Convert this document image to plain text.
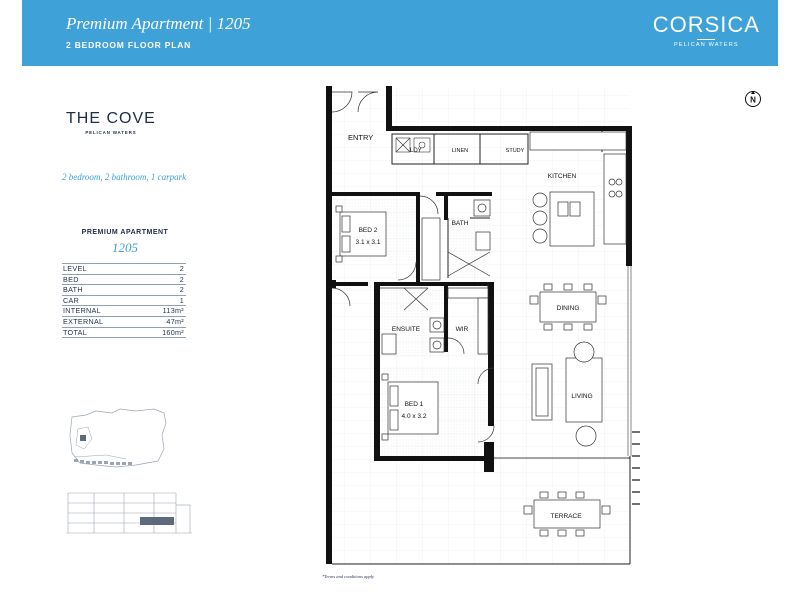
Premium Apartment | 1205
2 BEDROOM FLOOR PLAN
CORSICA
PELICAN WATERS
THE COVE
PELICAN WATERS
2 bedroom, 2 bathroom, 1 carpark
PREMIUM APARTMENT
1205
LEVEL	2
BED	2
BATH	2
CAR	1
INTERNAL	113m²
EXTERNAL	47m²
TOTAL	160m²
ENTRY
LDY	LINEN	STUDY
KITCHEN
BED 2
3.1 x 3.1
BATH
DINING
ENSUITE	WIR
BED 1
4.0 x 3.2
LIVING
TERRACE
N
*Terms and conditions apply
